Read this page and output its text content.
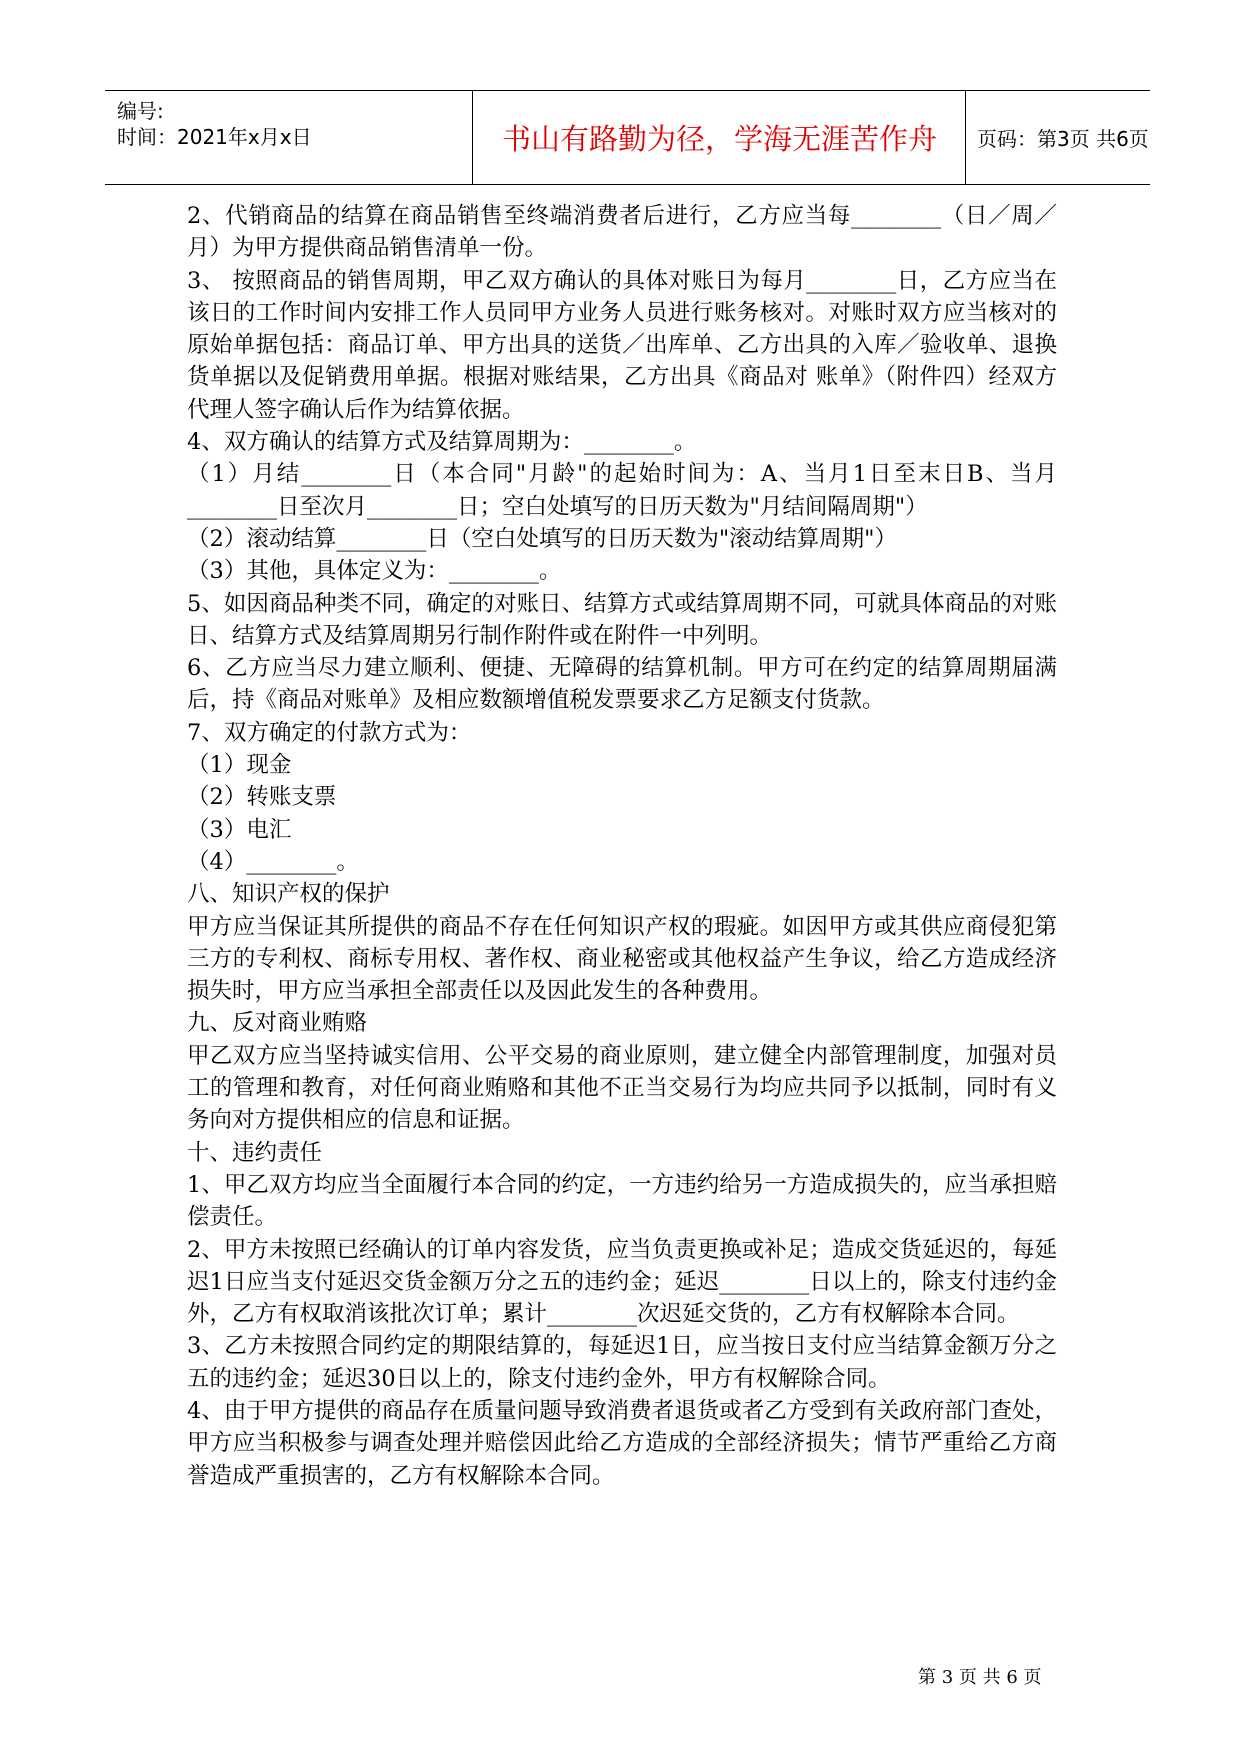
编号:
时间：2021年x月x日	书山有路勤为径，学海无涯苦作舟 页码：第3页 共6页

2、代销商品的结算在商品销售至终端消费者后进行，乙方应当每________（日／周／月）为甲方提供商品销售清单一份。

3、 按照商品的销售周期，甲乙双方确认的具体对账日为每月________日，乙方应当在该日的工作时间内安排工作人员同甲方业务人员进行账务核对。对账时双方应当核对的原始单据包括：商品订单、甲方出具的送货／出库单、乙方出具的入库／验收单、退换货单据以及促销费用单据。根据对账结果，乙方出具《商品对 账单》（附件四）经双方代理人签字确认后作为结算依据。

4、双方确认的结算方式及结算周期为：________。

（1）月结________日（本合同"月龄"的起始时间为：A、当月1日至末日B、当月________日至次月________日；空白处填写的日历天数为"月结间隔周期"）

（2）滚动结算________日（空白处填写的日历天数为"滚动结算周期"）

（3）其他，具体定义为：________。

5、如因商品种类不同，确定的对账日、结算方式或结算周期不同，可就具体商品的对账日、结算方式及结算周期另行制作附件或在附件一中列明。

6、乙方应当尽力建立顺利、便捷、无障碍的结算机制。甲方可在约定的结算周期届满后，持《商品对账单》及相应数额增值税发票要求乙方足额支付货款。

7、双方确定的付款方式为：

（1）现金

（2）转账支票

（3）电汇

（4）________。

八、知识产权的保护

甲方应当保证其所提供的商品不存在任何知识产权的瑕疵。如因甲方或其供应商侵犯第三方的专利权、商标专用权、著作权、商业秘密或其他权益产生争议，给乙方造成经济损失时，甲方应当承担全部责任以及因此发生的各种费用。

九、反对商业贿赂

甲乙双方应当坚持诚实信用、公平交易的商业原则，建立健全内部管理制度，加强对员工的管理和教育，对任何商业贿赂和其他不正当交易行为均应共同予以抵制，同时有义务向对方提供相应的信息和证据。

十、违约责任

1、甲乙双方均应当全面履行本合同的约定，一方违约给另一方造成损失的，应当承担赔偿责任。

2、甲方未按照已经确认的订单内容发货，应当负责更换或补足；造成交货延迟的，每延迟1日应当支付延迟交货金额万分之五的违约金；延迟________日以上的，除支付违约金外，乙方有权取消该批次订单；累计________次迟延交货的，乙方有权解除本合同。

3、乙方未按照合同约定的期限结算的，每延迟1日，应当按日支付应当结算金额万分之五的违约金；延迟30日以上的，除支付违约金外，甲方有权解除合同。

4、由于甲方提供的商品存在质量问题导致消费者退货或者乙方受到有关政府部门查处，甲方应当积极参与调查处理并赔偿因此给乙方造成的全部经济损失；情节严重给乙方商誉造成严重损害的，乙方有权解除本合同。

第 3 页 共 6 页
